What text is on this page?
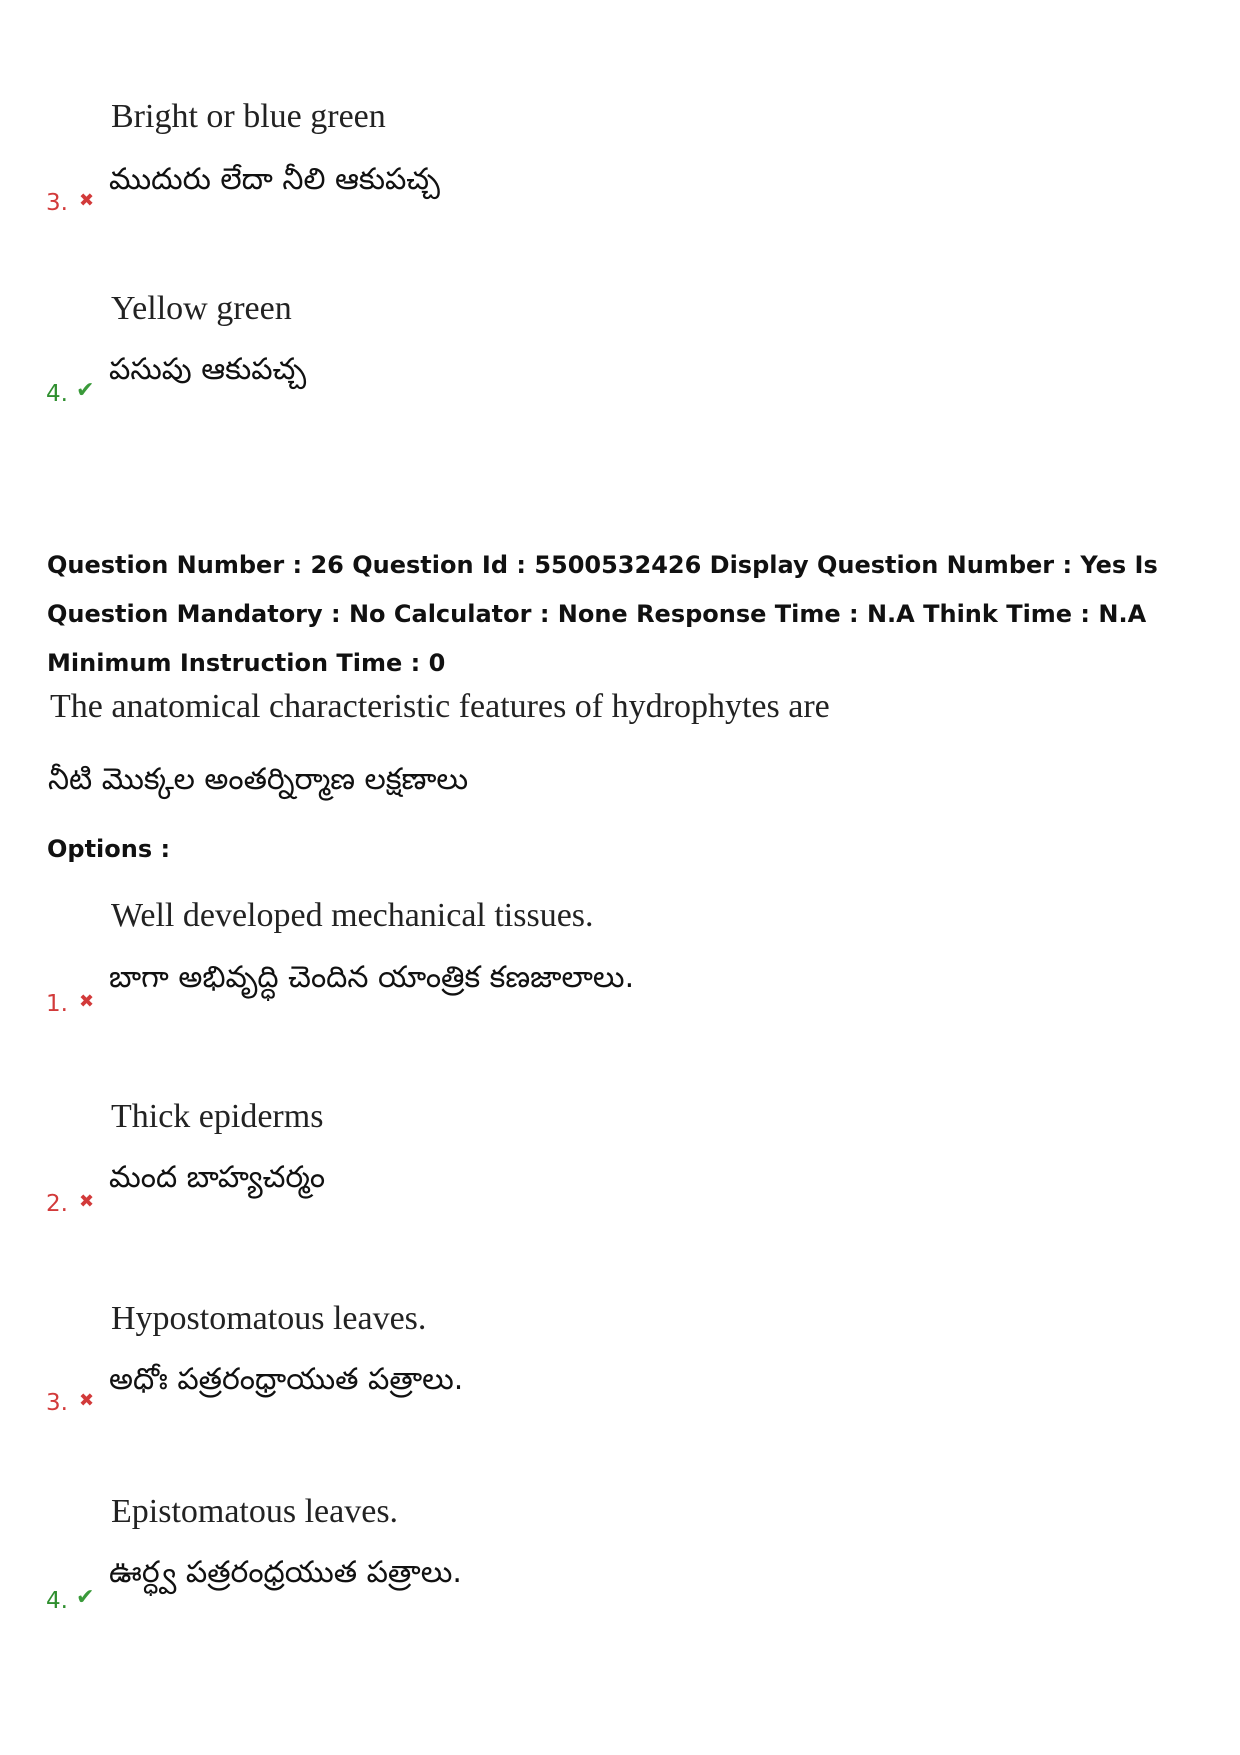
Bright or blue green
ముదురు లేదా నీలి ఆకుపచ్చ
3. ✖
Yellow green
పసుపు ఆకుపచ్చ
4. ✔
Question Number : 26 Question Id : 5500532426 Display Question Number : Yes Is Question Mandatory : No Calculator : None Response Time : N.A Think Time : N.A Minimum Instruction Time : 0
The anatomical characteristic features of hydrophytes are
నీటి మొక్కల అంతర్నిర్మాణ లక్షణాలు
Options :
Well developed mechanical tissues.
బాగా అభివృద్ధి చెందిన యాంత్రిక కణజాలాలు.
1. ✖
Thick epiderms
మంద బాహ్యచర్మం
2. ✖
Hypostomatous leaves.
అధోః పత్రరంధ్రాయుత పత్రాలు.
3. ✖
Epistomatous leaves.
ఊర్ధ్వ పత్రరంధ్రయుత పత్రాలు.
4. ✔
